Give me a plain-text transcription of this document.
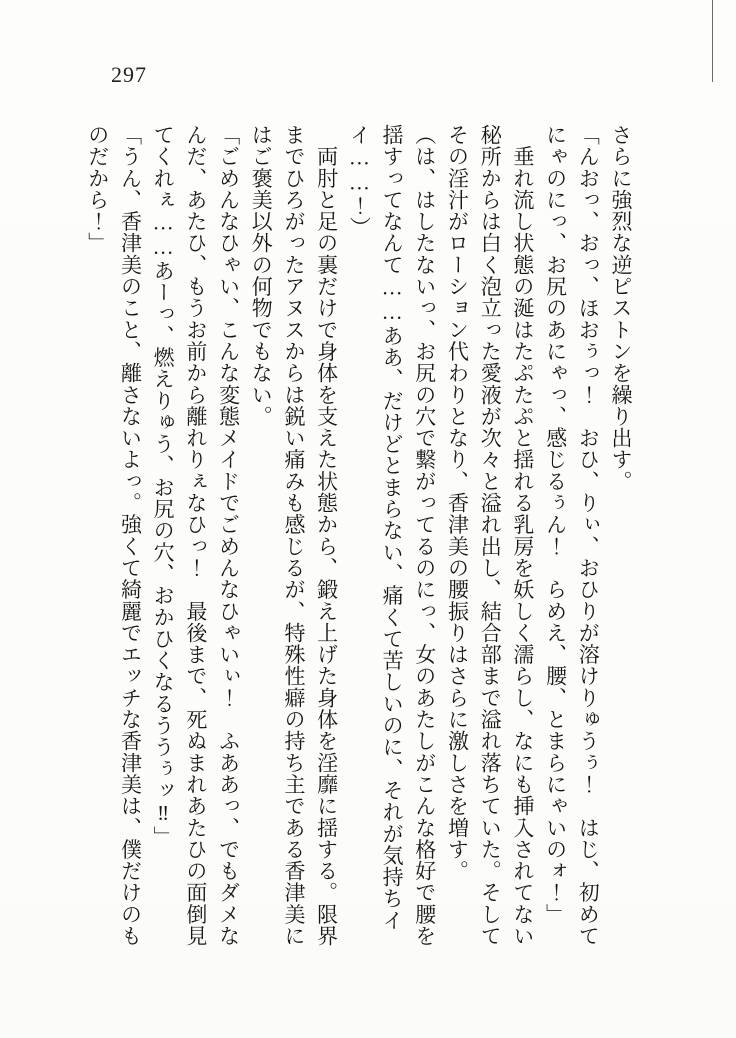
297

さらに強烈な逆ピストンを繰り出す。

「んおっ、おっ、ほおぅっ！　おひ、りぃ、おひりが溶けりゅうぅ！　はじ、初めてにゃのにっ、お尻のあにゃっ、感じるぅん！　らめえ、腰、とまらにゃいのォ！」

　垂れ流し状態の涎はたぷたぷと揺れる乳房を妖しく濡らし、なにも挿入されてない秘所からは白く泡立った愛液が次々と溢れ出し、結合部まで溢れ落ちていた。そしてその淫汁がローション代わりとなり、香津美の腰振りはさらに激しさを増す。

（は、はしたないっ、お尻の穴で繋がってるのにっ、女のあたしがこんな格好で腰を揺すってなんて……ああ、だけどとまらない、痛くて苦しいのに、それが気持ちイイ……！）

　両肘と足の裏だけで身体を支えた状態から、鍛え上げた身体を淫靡に揺する。限界までひろがったアヌスからは鋭い痛みも感じるが、特殊性癖の持ち主である香津美にはご褒美以外の何物でもない。

「ごめんなひゃい、こんな変態メイドでごめんなひゃいぃ！　ふああっ、でもダメなんだ、あたひ、もうお前から離れりぇなひっ！　最後まで、死ぬまれあたひの面倒見てくれぇ……あーっ、燃えりゅう、お尻の穴、おかひくなるううぅッ‼」

「うん、香津美のこと、離さないよっ。強くて綺麗でエッチな香津美は、僕だけのものだから！」
